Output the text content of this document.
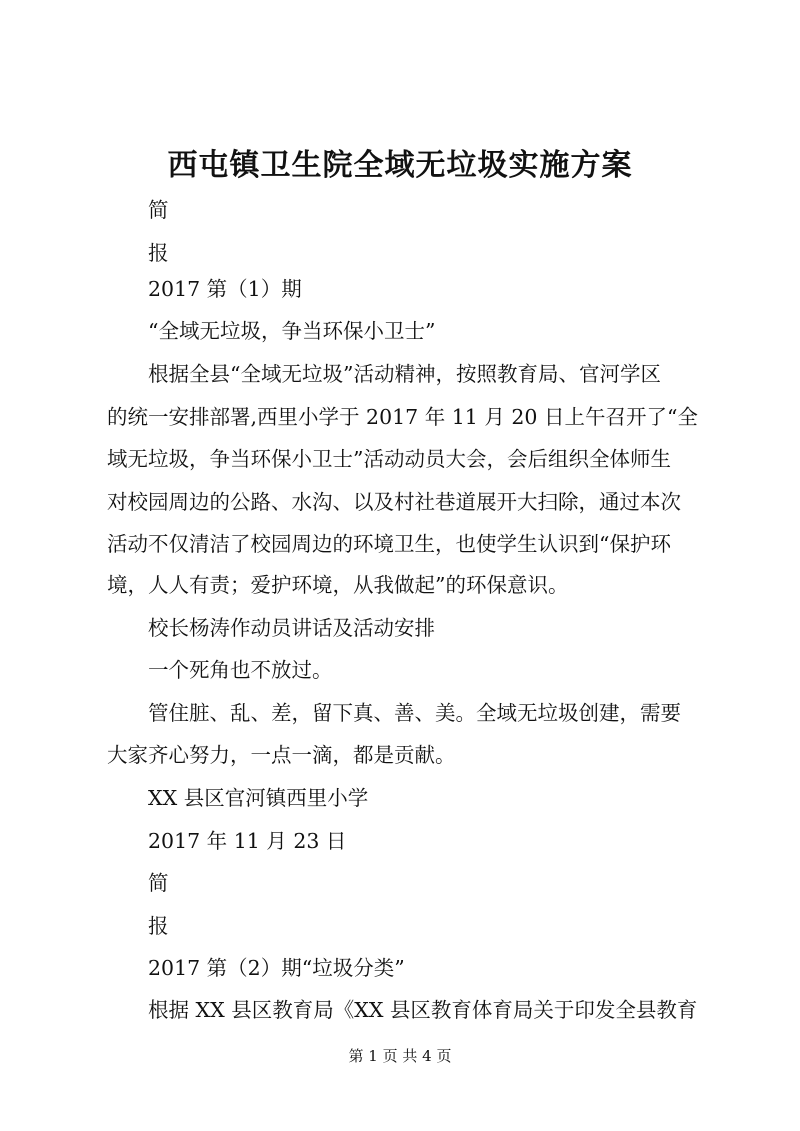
西屯镇卫生院全域无垃圾实施方案

简

报

2017 第（1）期

“全域无垃圾，争当环保小卫士”

根据全县“全域无垃圾”活动精神，按照教育局、官河学区

的统一安排部署,西里小学于 2017 年 11 月 20 日上午召开了“全

域无垃圾，争当环保小卫士”活动动员大会，会后组织全体师生

对校园周边的公路、水沟、以及村社巷道展开大扫除，通过本次

活动不仅清洁了校园周边的环境卫生，也使学生认识到“保护环

境，人人有责；爱护环境，从我做起”的环保意识。

校长杨涛作动员讲话及活动安排

一个死角也不放过。

管住脏、乱、差，留下真、善、美。全域无垃圾创建，需要

大家齐心努力，一点一滴，都是贡献。

XX 县区官河镇西里小学

2017 年 11 月 23 日

简

报

2017 第（2）期“垃圾分类”

根据 XX 县区教育局《XX 县区教育体育局关于印发全县教育

第 1 页 共 4 页
